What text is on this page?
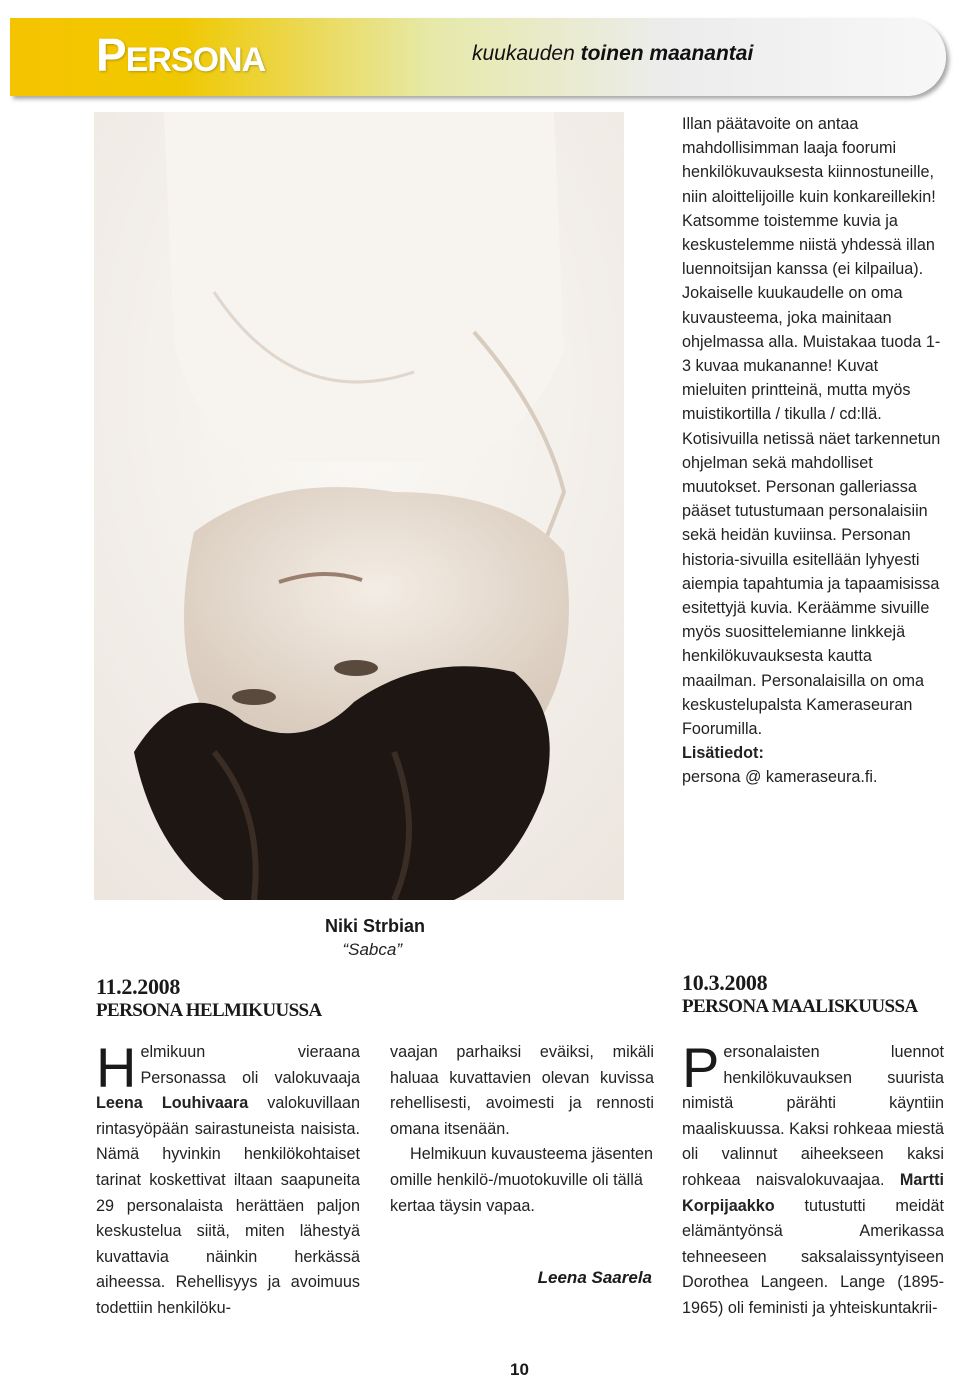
PERSONA	kuukauden toinen maanantai

Niki Strbian

“Sabca”

Illan päätavoite on antaa mahdollisimman laaja foorumi henkilökuvauksesta kiinnostuneille, niin aloittelijoille kuin konkareillekin! Katsomme toistemme kuvia ja keskustelemme niistä yhdessä illan luennoitsijan kanssa (ei kilpailua). Jokaiselle kuukaudelle on oma kuvausteema, joka mainitaan ohjelmassa alla. Muistakaa tuoda 1-3 kuvaa mukananne! Kuvat mieluiten printteinä, mutta myös muistikortilla / tikulla / cd:llä. Kotisivuilla netissä näet tarkennetun ohjelman sekä mahdolliset muutokset. Personan galleriassa pääset tutustumaan personalaisiin sekä heidän kuviinsa. Personan historia-sivuilla esitellään lyhyesti aiempia tapahtumia ja tapaamisissa esitettyjä kuvia. Keräämme sivuille myös suosittelemianne linkkejä henkilökuvauksesta kautta maailman. Personalaisilla on oma keskustelupalsta Kameraseuran Foorumilla.
Lisätiedot:
persona @ kameraseura.fi.

11.2.2008

PERSONA HELMIKUUSSA

Helmikuun vieraana Personassa oli valokuvaaja Leena Louhivaara valokuvillaan rintasyöpään sairastuneista naisista. Nämä hyvinkin henkilökohtaiset tarinat koskettivat iltaan saapuneita 29 personalaista herättäen paljon keskustelua siitä, miten lähestyä kuvattavia näinkin herkässä aiheessa. Rehellisyys ja avoimuus todettiin henkilöku-

vaajan parhaiksi eväiksi, mikäli haluaa kuvattavien olevan kuvissa rehellisesti, avoimesti ja rennosti omana itsenään.
Helmikuun kuvausteema jäsenten omille henkilö-/muotokuville oli tällä kertaa täysin vapaa.

Leena Saarela

10.3.2008

PERSONA MAALISKUUSSA

Personalaisten luennot henkilökuvauksen suurista nimistä pärähti käyntiin maaliskuussa. Kaksi rohkeaa miestä oli valinnut aiheekseen kaksi rohkeaa naisvalokuvaajaa. Martti Korpijaakko tutustutti meidät elämäntyönsä Amerikassa tehneeseen saksalaissyntyiseen Dorothea Langeen. Lange (1895-1965) oli feministi ja yhteiskuntakrii-

10
